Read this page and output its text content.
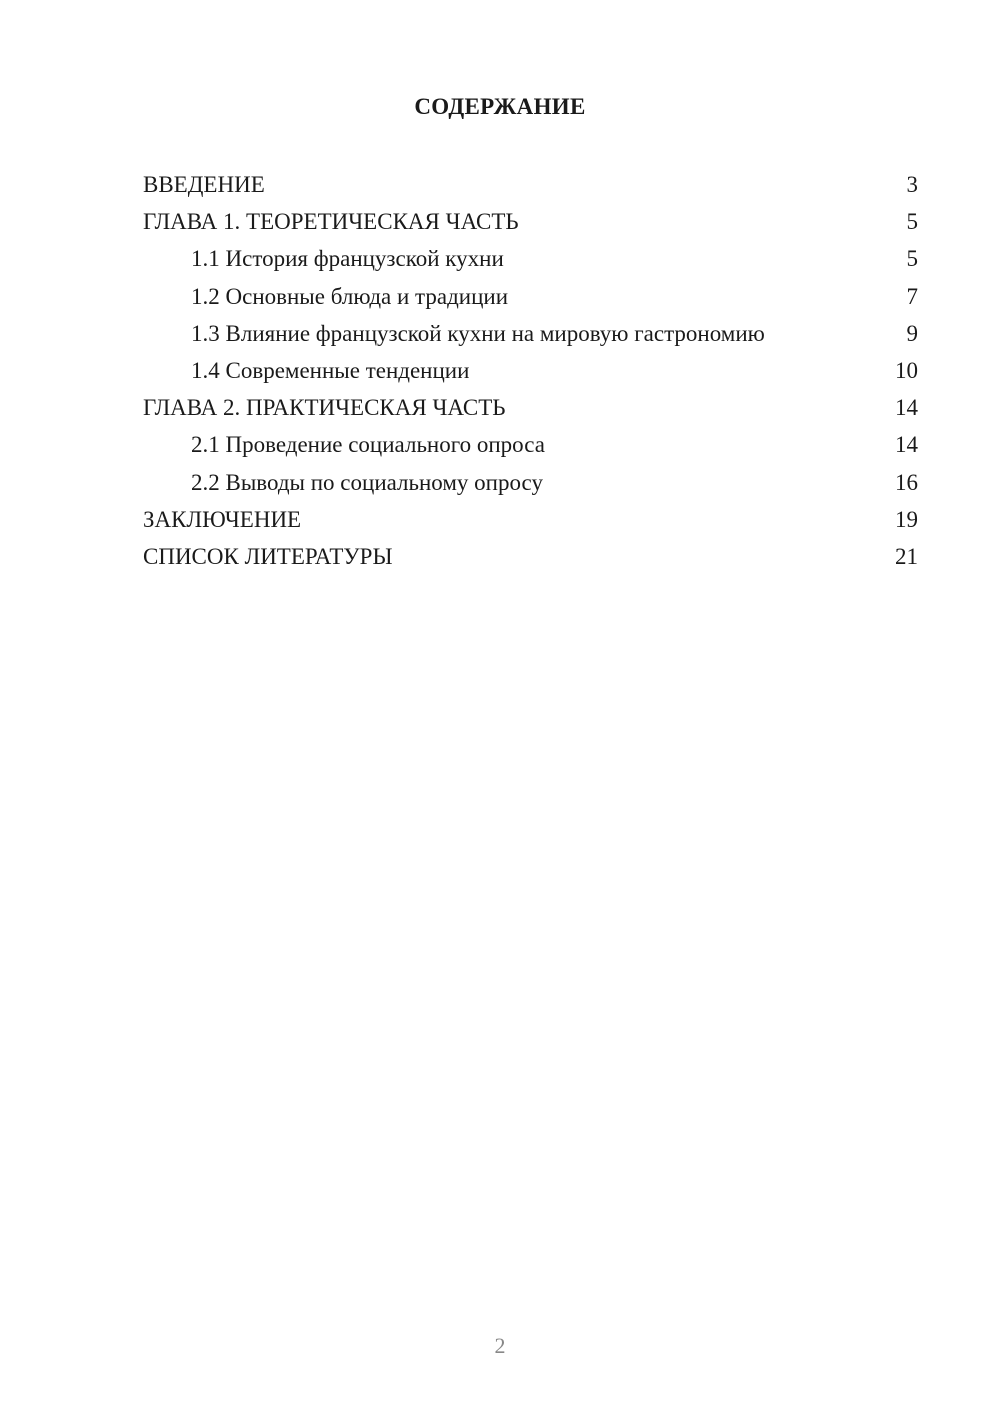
СОДЕРЖАНИЕ
ВВЕДЕНИЕ	3
ГЛАВА 1. ТЕОРЕТИЧЕСКАЯ ЧАСТЬ	5
1.1 История французской кухни	5
1.2 Основные блюда и традиции	7
1.3 Влияние французской кухни на мировую гастрономию	9
1.4 Современные тенденции	10
ГЛАВА 2. ПРАКТИЧЕСКАЯ ЧАСТЬ	14
2.1 Проведение социального опроса	14
2.2 Выводы по социальному опросу	16
ЗАКЛЮЧЕНИЕ	19
СПИСОК ЛИТЕРАТУРЫ	21
2
